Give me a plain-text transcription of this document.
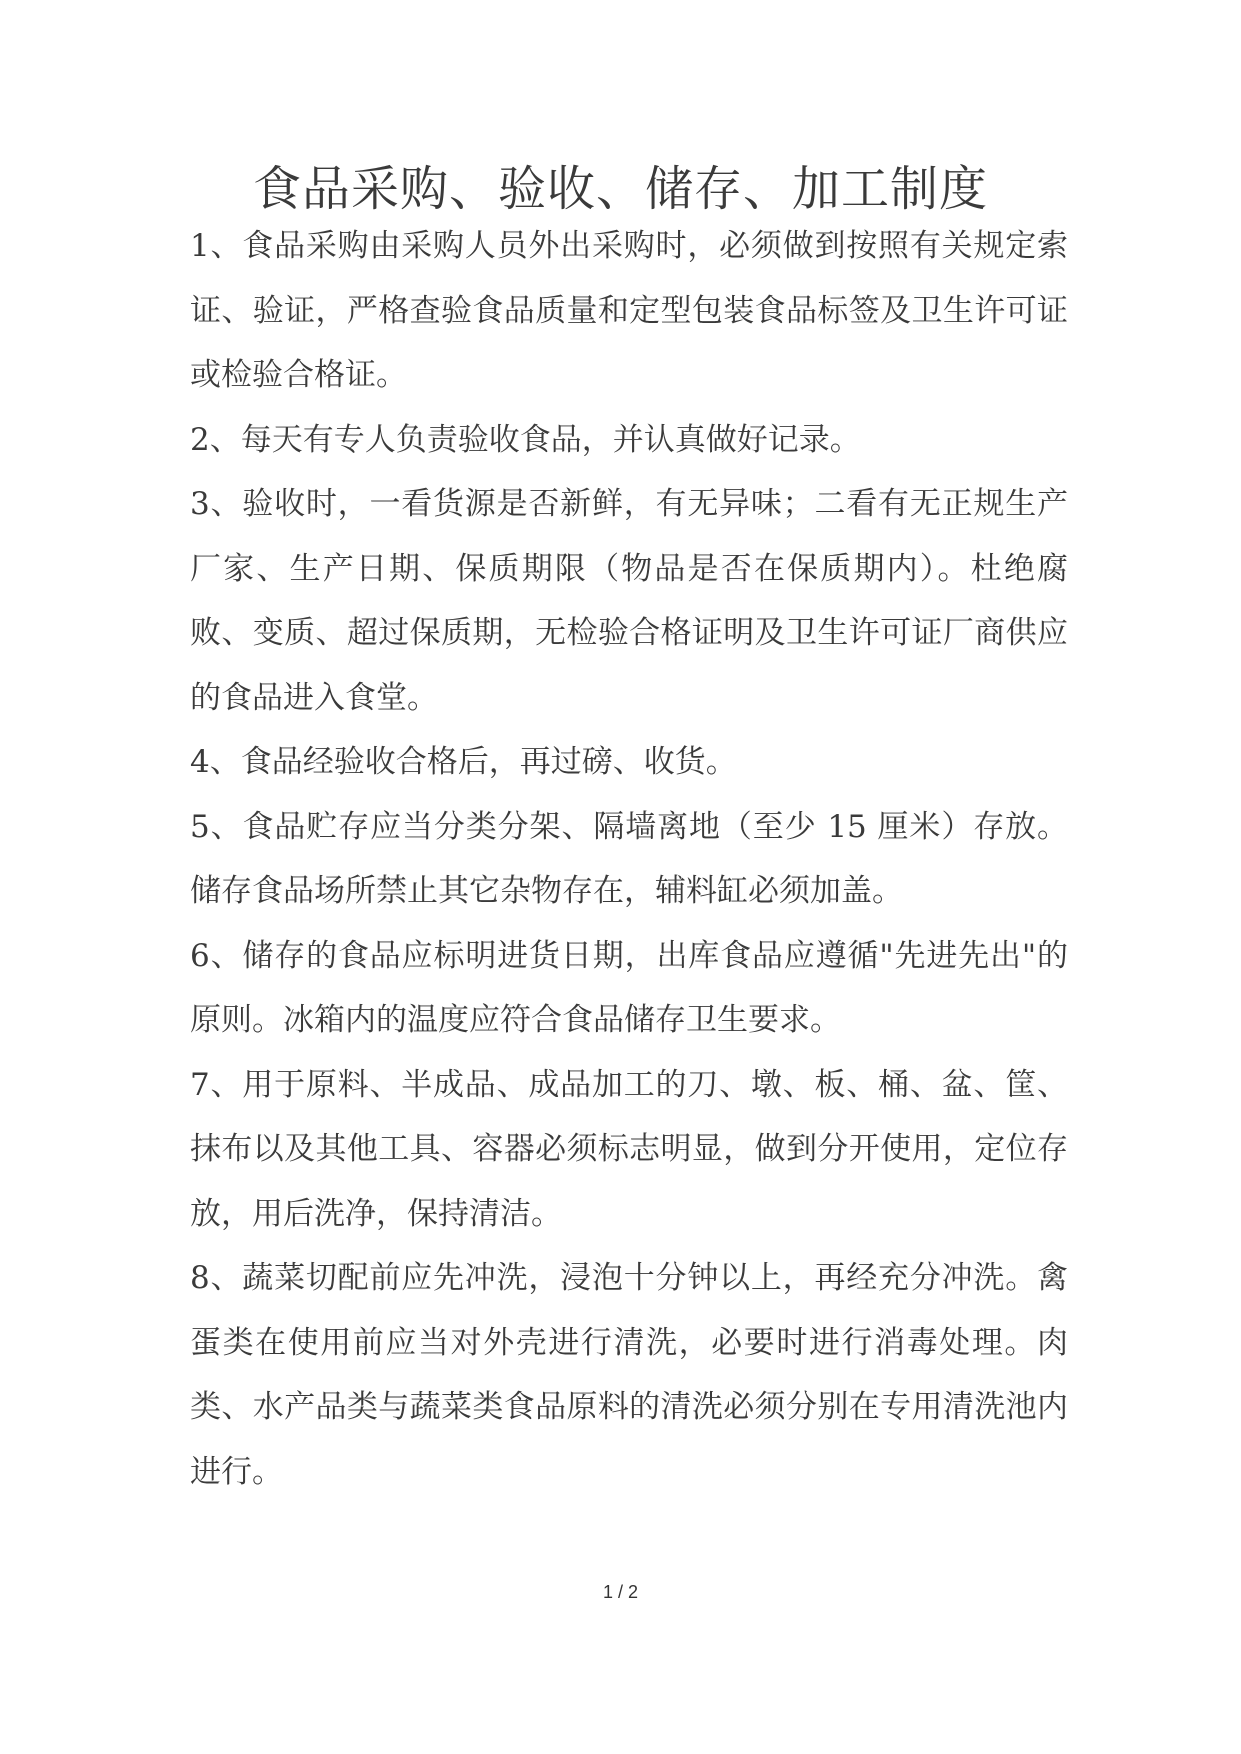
食品采购、验收、储存、加工制度

1、食品采购由采购人员外出采购时，必须做到按照有关规定索证、验证，严格查验食品质量和定型包装食品标签及卫生许可证或检验合格证。

2、每天有专人负责验收食品，并认真做好记录。

3、验收时，一看货源是否新鲜，有无异味；二看有无正规生产厂家、生产日期、保质期限（物品是否在保质期内）。杜绝腐败、变质、超过保质期，无检验合格证明及卫生许可证厂商供应的食品进入食堂。

4、食品经验收合格后，再过磅、收货。

5、食品贮存应当分类分架、隔墙离地（至少 15 厘米）存放。储存食品场所禁止其它杂物存在，辅料缸必须加盖。

6、储存的食品应标明进货日期，出库食品应遵循"先进先出"的原则。冰箱内的温度应符合食品储存卫生要求。

7、用于原料、半成品、成品加工的刀、墩、板、桶、盆、筐、抹布以及其他工具、容器必须标志明显，做到分开使用，定位存放，用后洗净，保持清洁。

8、蔬菜切配前应先冲洗，浸泡十分钟以上，再经充分冲洗。禽蛋类在使用前应当对外壳进行清洗，必要时进行消毒处理。肉类、水产品类与蔬菜类食品原料的清洗必须分别在专用清洗池内进行。

1 / 2
